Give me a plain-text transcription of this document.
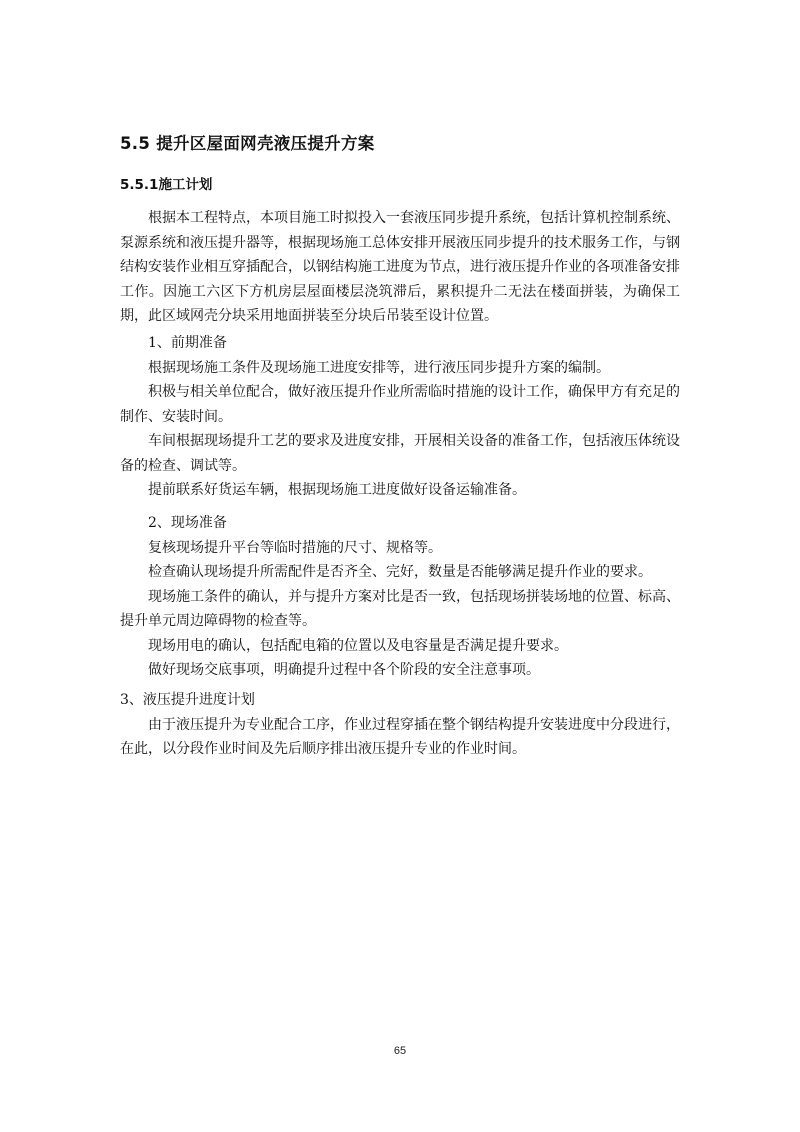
5.5 提升区屋面网壳液压提升方案
5.5.1施工计划

根据本工程特点，本项目施工时拟投入一套液压同步提升系统，包括计算机控制系统、泵源系统和液压提升器等，根据现场施工总体安排开展液压同步提升的技术服务工作，与钢结构安装作业相互穿插配合，以钢结构施工进度为节点，进行液压提升作业的各项准备安排工作。因施工六区下方机房层屋面楼层浇筑滞后，累积提升二无法在楼面拼装，为确保工期，此区域网壳分块采用地面拼装至分块后吊装至设计位置。

1、前期准备

根据现场施工条件及现场施工进度安排等，进行液压同步提升方案的编制。

积极与相关单位配合，做好液压提升作业所需临时措施的设计工作，确保甲方有充足的制作、安装时间。

车间根据现场提升工艺的要求及进度安排，开展相关设备的准备工作，包括液压体统设备的检查、调试等。

提前联系好货运车辆，根据现场施工进度做好设备运输准备。

2、现场准备

复核现场提升平台等临时措施的尺寸、规格等。

检查确认现场提升所需配件是否齐全、完好，数量是否能够满足提升作业的要求。

现场施工条件的确认，并与提升方案对比是否一致，包括现场拼装场地的位置、标高、提升单元周边障碍物的检查等。

现场用电的确认，包括配电箱的位置以及电容量是否满足提升要求。

做好现场交底事项，明确提升过程中各个阶段的安全注意事项。

3、液压提升进度计划

由于液压提升为专业配合工序，作业过程穿插在整个钢结构提升安装进度中分段进行，在此，以分段作业时间及先后顺序排出液压提升专业的作业时间。

65
